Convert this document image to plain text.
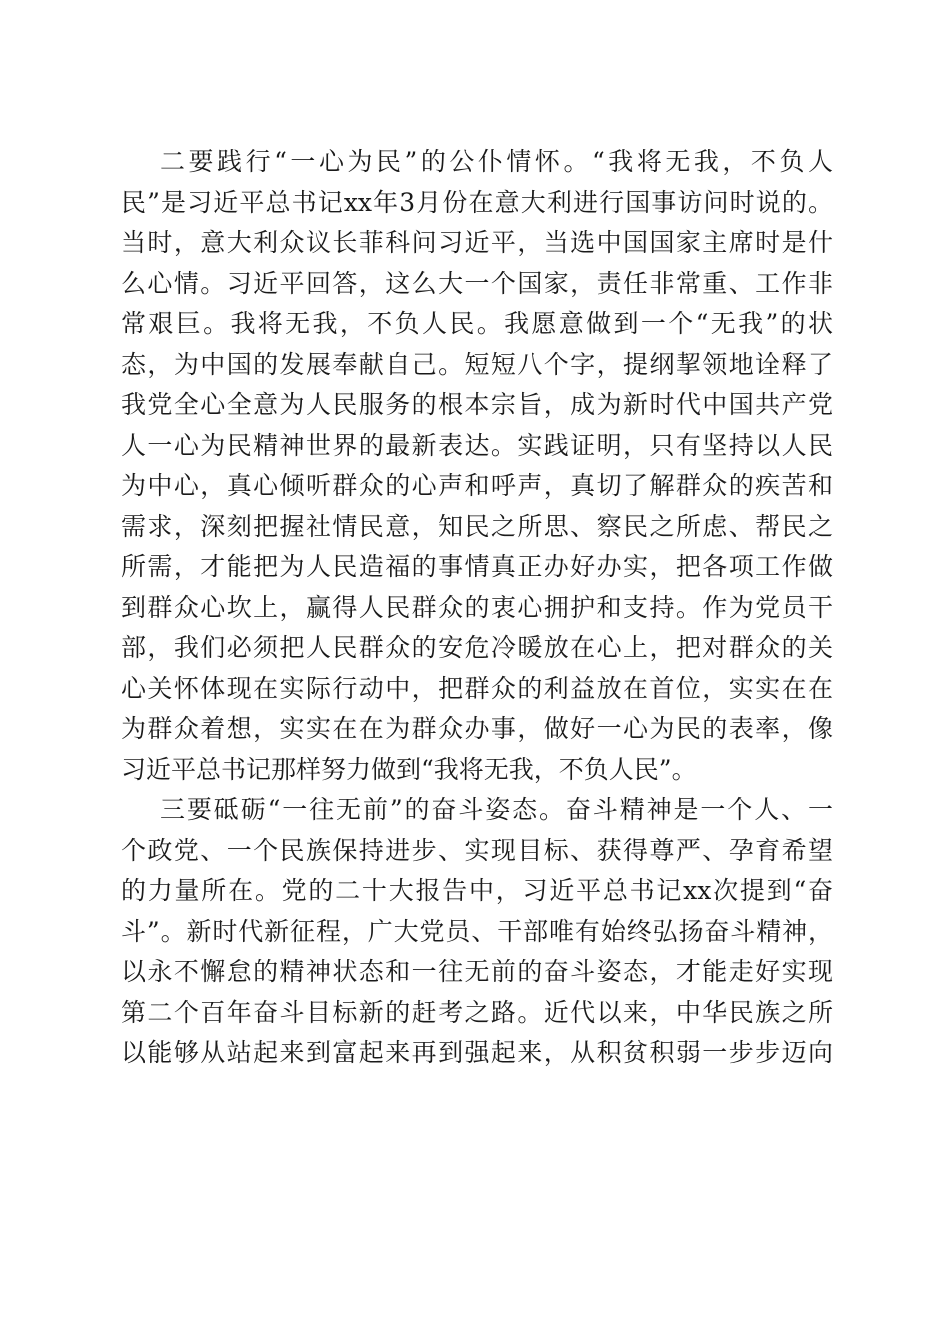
二要践行“一心为民”的公仆情怀。“我将无我，不负人
民”是习近平总书记xx年3月份在意大利进行国事访问时说的。
当时，意大利众议长菲科问习近平，当选中国国家主席时是什
么心情。习近平回答，这么大一个国家，责任非常重、工作非
常艰巨。我将无我，不负人民。我愿意做到一个“无我”的状
态，为中国的发展奉献自己。短短八个字，提纲挈领地诠释了
我党全心全意为人民服务的根本宗旨，成为新时代中国共产党
人一心为民精神世界的最新表达。实践证明，只有坚持以人民
为中心，真心倾听群众的心声和呼声，真切了解群众的疾苦和
需求，深刻把握社情民意，知民之所思、察民之所虑、帮民之
所需，才能把为人民造福的事情真正办好办实，把各项工作做
到群众心坎上，赢得人民群众的衷心拥护和支持。作为党员干
部，我们必须把人民群众的安危冷暖放在心上，把对群众的关
心关怀体现在实际行动中，把群众的利益放在首位，实实在在
为群众着想，实实在在为群众办事，做好一心为民的表率，像
习近平总书记那样努力做到“我将无我，不负人民”。
三要砥砺“一往无前”的奋斗姿态。奋斗精神是一个人、一
个政党、一个民族保持进步、实现目标、获得尊严、孕育希望
的力量所在。党的二十大报告中，习近平总书记xx次提到“奋
斗”。新时代新征程，广大党员、干部唯有始终弘扬奋斗精神，
以永不懈怠的精神状态和一往无前的奋斗姿态，才能走好实现
第二个百年奋斗目标新的赶考之路。近代以来，中华民族之所
以能够从站起来到富起来再到强起来，从积贫积弱一步步迈向
